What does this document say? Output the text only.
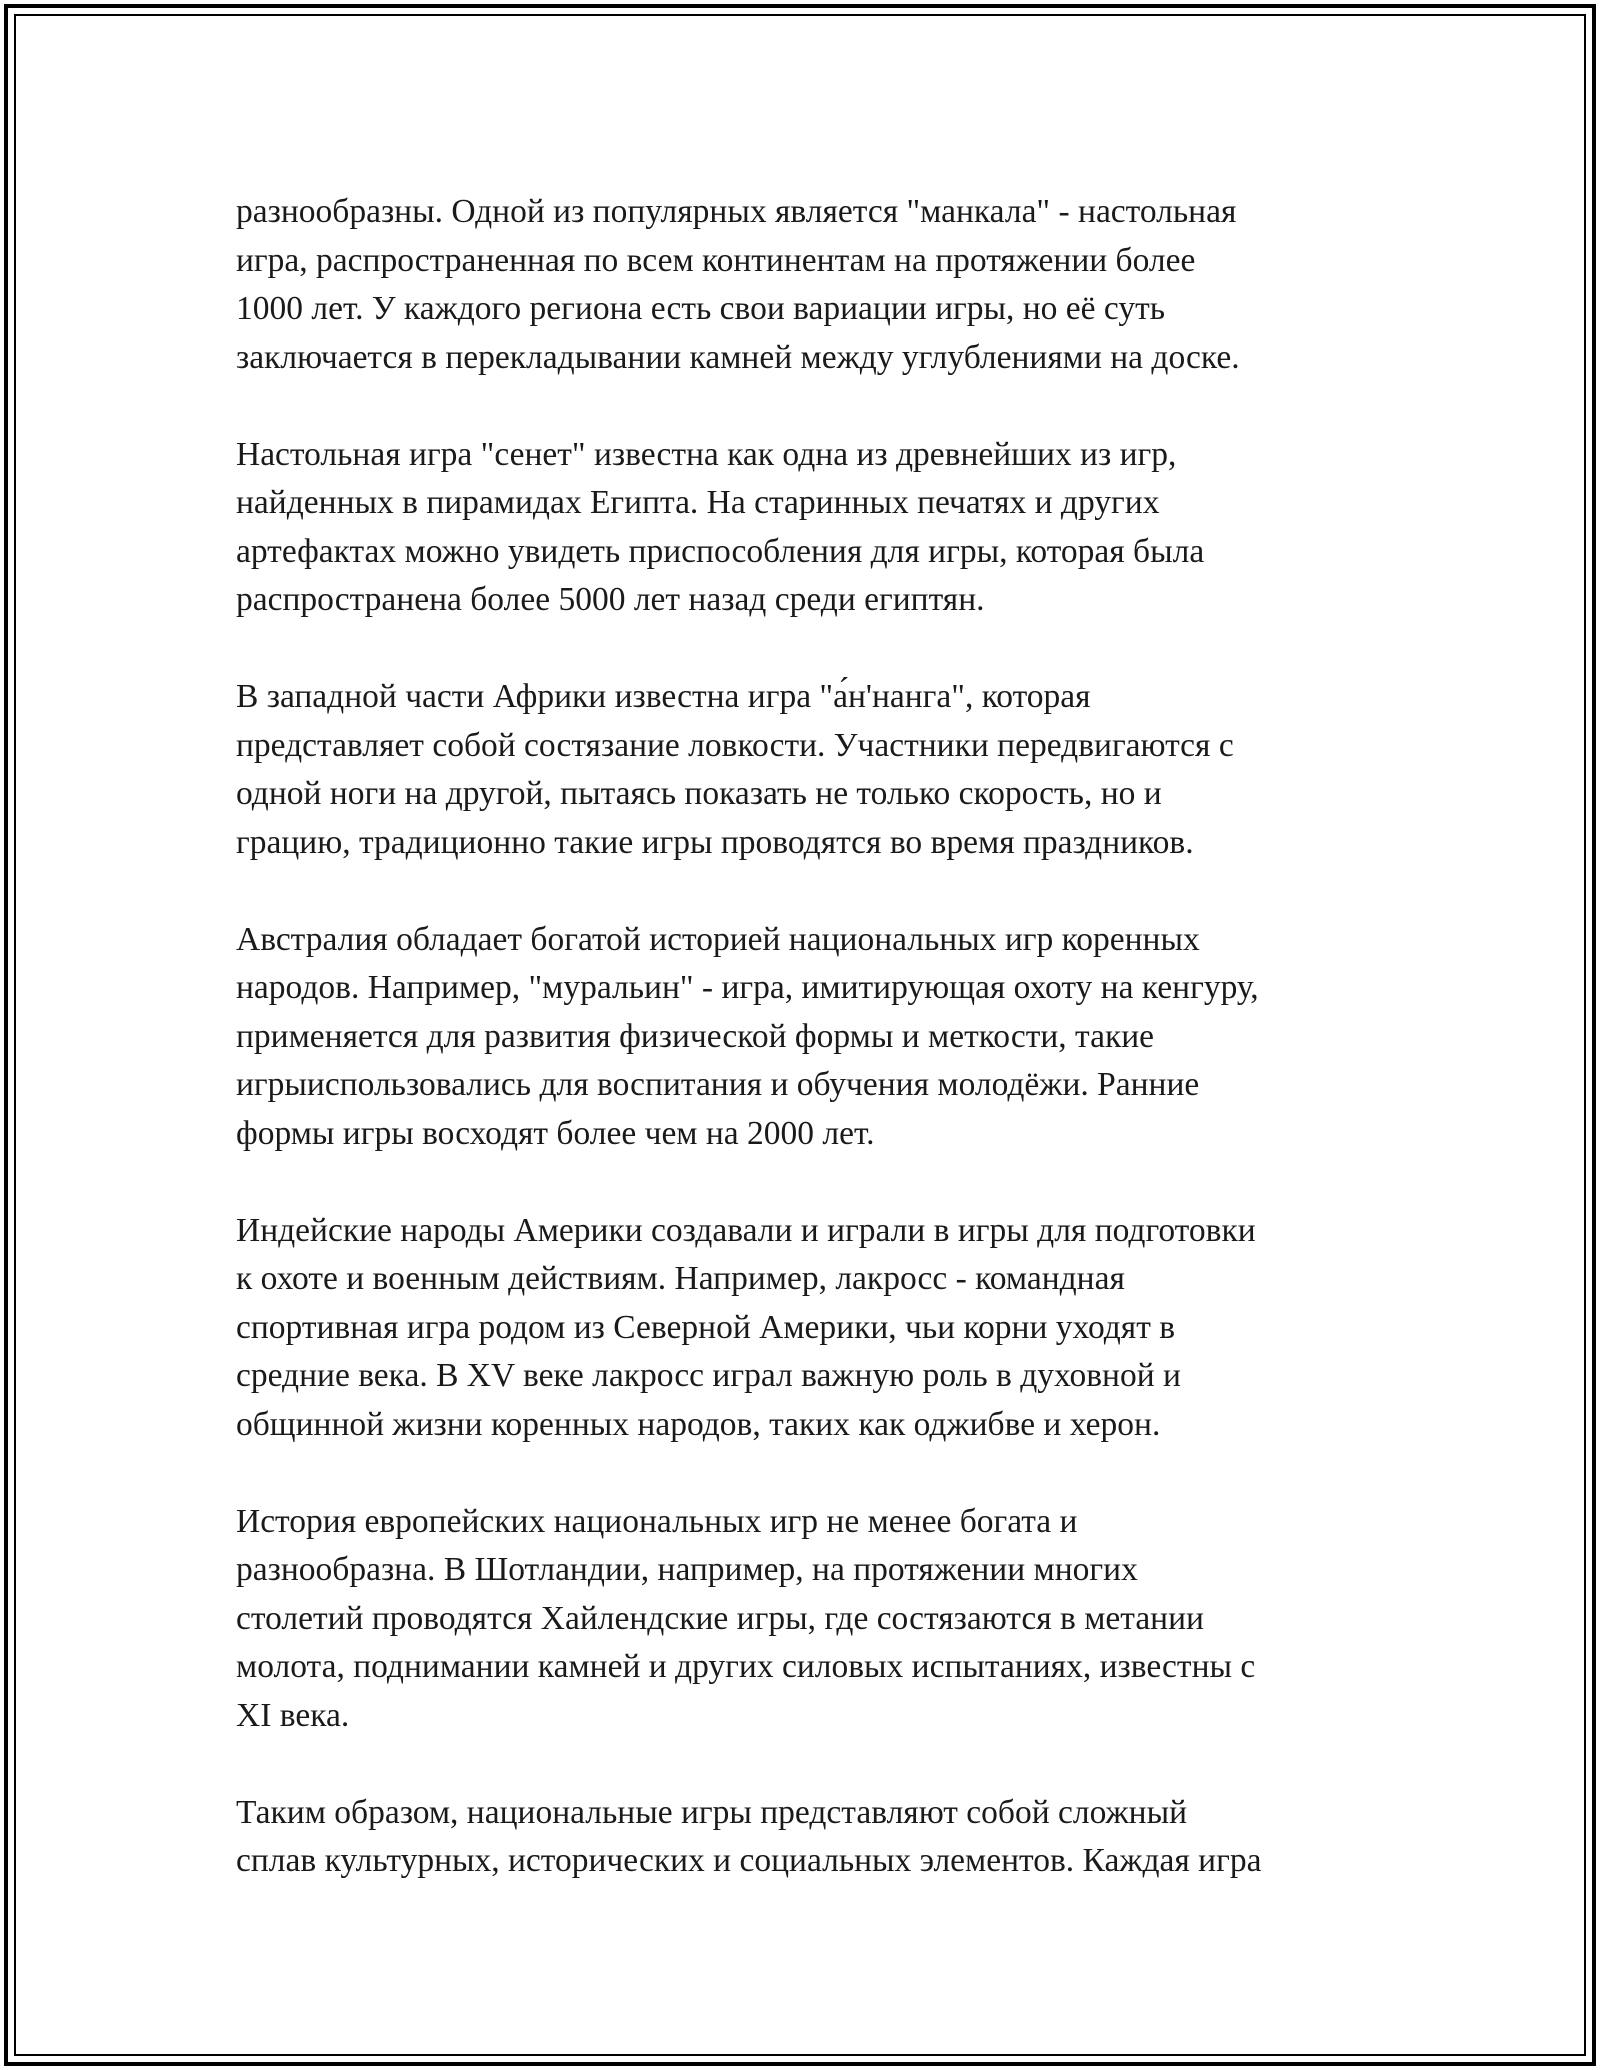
разнообразны. Одной из популярных является "манкала" - настольная
игра, распространенная по всем континентам на протяжении более
1000 лет. У каждого региона есть свои вариации игры, но её суть
заключается в перекладывании камней между углублениями на доске.

Настольная игра "сенет" известна как одна из древнейших из игр,
найденных в пирамидах Египта. На старинных печатях и других
артефактах можно увидеть приспособления для игры, которая была
распространена более 5000 лет назад среди египтян.

В западной части Африки известна игра "а́н'нанга", которая
представляет собой состязание ловкости. Участники передвигаются с
одной ноги на другой, пытаясь показать не только скорость, но и
грацию, традиционно такие игры проводятся во время праздников.

Австралия обладает богатой историей национальных игр коренных
народов. Например, "муральин" - игра, имитирующая охоту на кенгуру,
применяется для развития физической формы и меткости, такие
игрыиспользовались для воспитания и обучения молодёжи. Ранние
формы игры восходят более чем на 2000 лет.

Индейские народы Америки создавали и играли в игры для подготовки
к охоте и военным действиям. Например, лакросс - командная
спортивная игра родом из Северной Америки, чьи корни уходят в
средние века. В XV веке лакросс играл важную роль в духовной и
общинной жизни коренных народов, таких как оджибве и херон.

История европейских национальных игр не менее богата и
разнообразна. В Шотландии, например, на протяжении многих
столетий проводятся Хайлендские игры, где состязаются в метании
молота, поднимании камней и других силовых испытаниях, известны с
XI века.

Таким образом, национальные игры представляют собой сложный
сплав культурных, исторических и социальных элементов. Каждая игра
